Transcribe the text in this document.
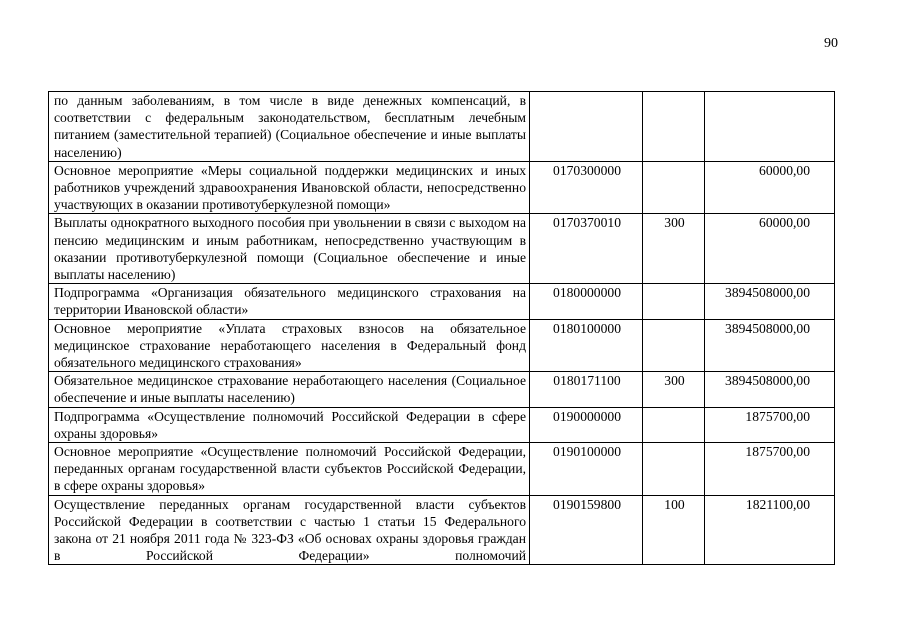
90
по данным заболеваниям, в том числе в виде денежных компенсаций, в соответствии с федеральным законодательством, бесплатным лечебным питанием (заместительной терапией) (Социальное обеспечение и иные выплаты населению)			
Основное мероприятие «Меры социальной поддержки медицинских и иных работников учреждений здравоохранения Ивановской области, непосредственно участвующих в оказании противотуберкулезной помощи»	0170300000		60000,00
Выплаты однократного выходного пособия при увольнении в связи с выходом на пенсию медицинским и иным работникам, непосредственно участвующим в оказании противотуберкулезной помощи (Социальное обеспечение и иные выплаты населению)	0170370010	300	60000,00
Подпрограмма «Организация обязательного медицинского страхования на территории Ивановской области»	0180000000		3894508000,00
Основное мероприятие «Уплата страховых взносов на обязательное медицинское страхование неработающего населения в Федеральный фонд обязательного медицинского страхования»	0180100000		3894508000,00
Обязательное медицинское страхование неработающего населения (Социальное обеспечение и иные выплаты населению)	0180171100	300	3894508000,00
Подпрограмма «Осуществление полномочий Российской Федерации в сфере охраны здоровья»	0190000000		1875700,00
Основное мероприятие «Осуществление полномочий Российской Федерации, переданных органам государственной власти субъектов Российской Федерации, в сфере охраны здоровья»	0190100000		1875700,00
Осуществление переданных органам государственной власти субъектов Российской Федерации в соответствии с частью 1 статьи 15 Федерального закона от 21 ноября 2011 года № 323-ФЗ «Об основах охраны здоровья граждан в Российской Федерации» полномочий	0190159800	100	1821100,00
